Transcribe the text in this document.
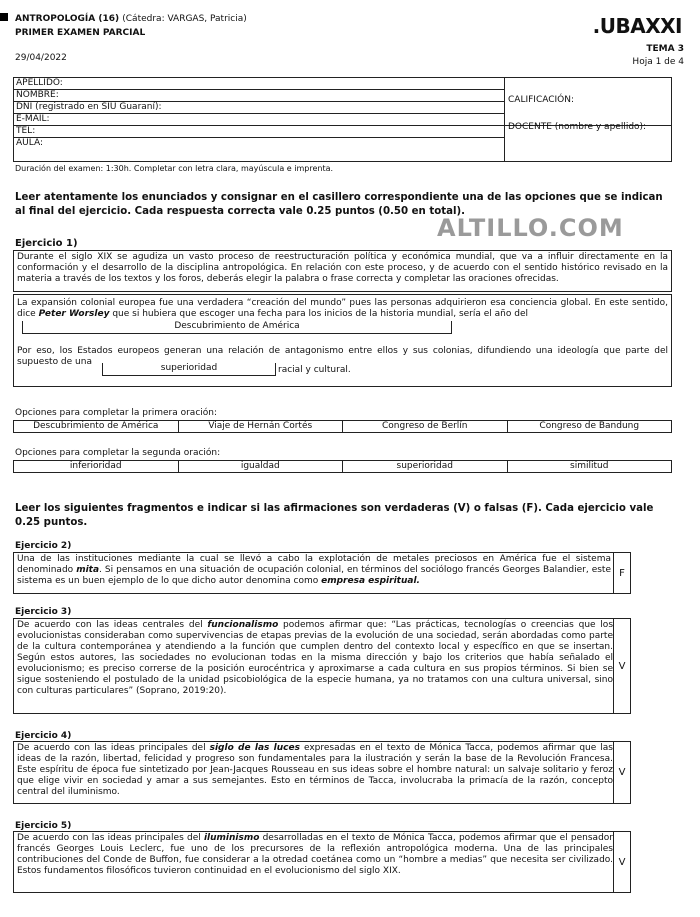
ANTROPOLOGÍA (16) (Cátedra: VARGAS, Patricia)
PRIMER EXAMEN PARCIAL
29/04/2022
.UBAXXI
TEMA 3
Hoja 1 de 4
APELLIDO:
NOMBRE:
DNI (registrado en SIU Guaraní):
E-MAIL:
TEL:
AULA:
CALIFICACIÓN:
DOCENTE (nombre y apellido):
Duración del examen: 1:30h. Completar con letra clara, mayúscula e imprenta.
Leer atentamente los enunciados y consignar en el casillero correspondiente una de las opciones que se indican al final del ejercicio. Cada respuesta correcta vale 0.25 puntos (0.50 en total).
ALTILLO.COM
Ejercicio 1)
Durante el siglo XIX se agudiza un vasto proceso de reestructuración política y económica mundial, que va a influir directamente en la conformación y el desarrollo de la disciplina antropológica. En relación con este proceso, y de acuerdo con el sentido histórico revisado en la materia a través de los textos y los foros, deberás elegir la palabra o frase correcta y completar las oraciones ofrecidas.
La expansión colonial europea fue una verdadera “creación del mundo” pues las personas adquirieron esa conciencia global. En este sentido, dice Peter Worsley que si hubiera que escoger una fecha para los inicios de la historia mundial, sería el año del
Descubrimiento de América
Por eso, los Estados europeos generan una relación de antagonismo entre ellos y sus colonias, difundiendo una ideología que parte del supuesto de una
superioridad	racial y cultural.
Opciones para completar la primera oración:
Descubrimiento de América	Viaje de Hernán Cortés	Congreso de Berlín	Congreso de Bandung
Opciones para completar la segunda oración:
inferioridad	igualdad	superioridad	similitud
Leer los siguientes fragmentos e indicar si las afirmaciones son verdaderas (V) o falsas (F). Cada ejercicio vale 0.25 puntos.
Ejercicio 2)
Una de las instituciones mediante la cual se llevó a cabo la explotación de metales preciosos en América fue el sistema denominado mita. Si pensamos en una situación de ocupación colonial, en términos del sociólogo francés Georges Balandier, este sistema es un buen ejemplo de lo que dicho autor denomina como empresa espiritual.
F
Ejercicio 3)
De acuerdo con las ideas centrales del funcionalismo podemos afirmar que: “Las prácticas, tecnologías o creencias que los evolucionistas consideraban como supervivencias de etapas previas de la evolución de una sociedad, serán abordadas como parte de la cultura contemporánea y atendiendo a la función que cumplen dentro del contexto local y específico en que se insertan. Según estos autores, las sociedades no evolucionan todas en la misma dirección y bajo los criterios que había señalado el evolucionismo; es preciso correrse de la posición eurocéntrica y aproximarse a cada cultura en sus propios términos. Si bien se sigue sosteniendo el postulado de la unidad psicobiológica de la especie humana, ya no tratamos con una cultura universal, sino con culturas particulares” (Soprano, 2019:20).
V
Ejercicio 4)
De acuerdo con las ideas principales del siglo de las luces expresadas en el texto de Mónica Tacca, podemos afirmar que las ideas de la razón, libertad, felicidad y progreso son fundamentales para la ilustración y serán la base de la Revolución Francesa. Este espíritu de época fue sintetizado por Jean-Jacques Rousseau en sus ideas sobre el hombre natural: un salvaje solitario y feroz que elige vivir en sociedad y amar a sus semejantes. Esto en términos de Tacca, involucraba la primacía de la razón, concepto central del iluminismo.
V
Ejercicio 5)
De acuerdo con las ideas principales del iluminismo desarrolladas en el texto de Mónica Tacca, podemos afirmar que el pensador francés Georges Louis Leclerc, fue uno de los precursores de la reflexión antropológica moderna. Una de las principales contribuciones del Conde de Buffon, fue considerar a la otredad coetánea como un “hombre a medias” que necesita ser civilizado. Estos fundamentos filosóficos tuvieron continuidad en el evolucionismo del siglo XIX.
V
